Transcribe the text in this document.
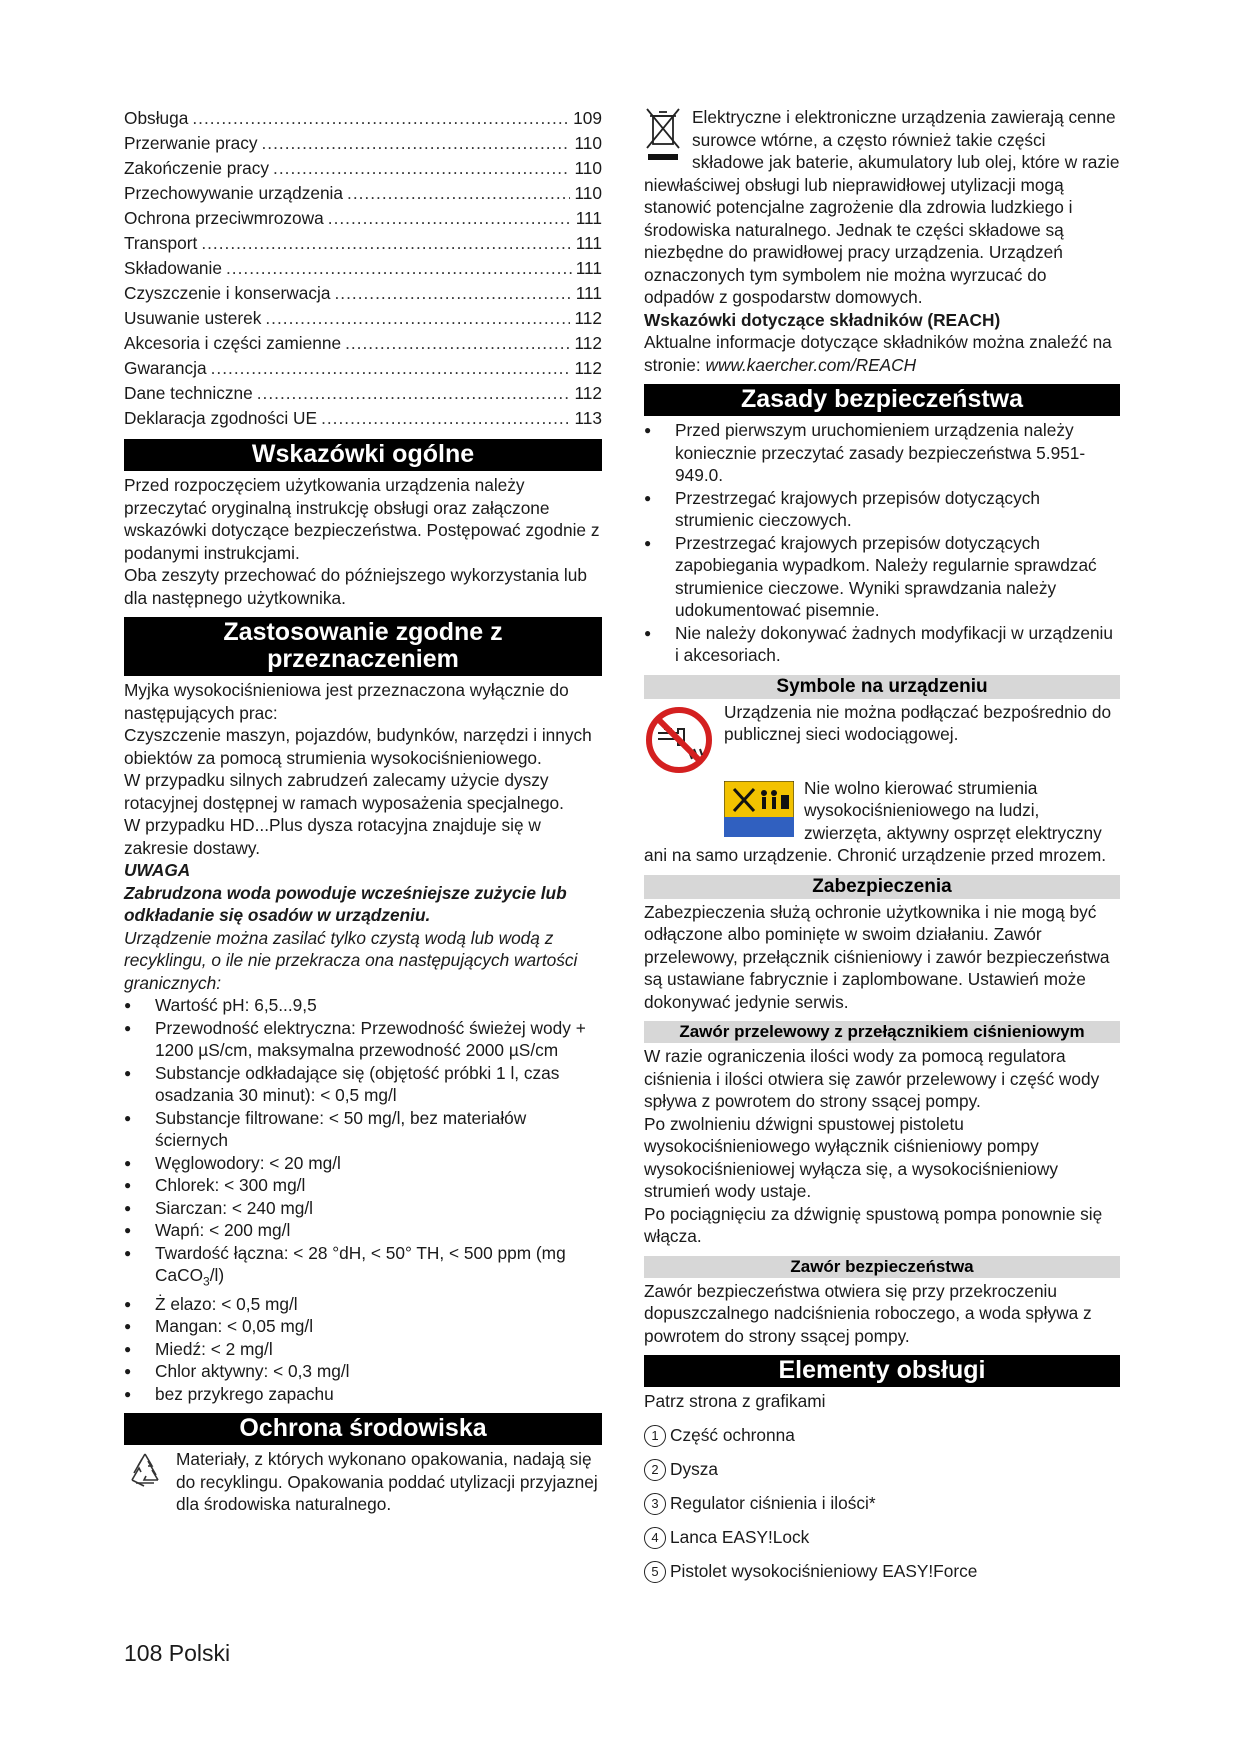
Obsługa .....	109
Przerwanie pracy .....	110
Zakończenie pracy .....	110
Przechowywanie urządzenia .....	110
Ochrona przeciwmrozowa .....	111
Transport .....	111
Składowanie .....	111
Czyszczenie i konserwacja .....	111
Usuwanie usterek .....	112
Akcesoria i części zamienne .....	112
Gwarancja .....	112
Dane techniczne .....	112
Deklaracja zgodności UE .....	113
Wskazówki ogólne

Przed rozpoczęciem użytkowania urządzenia należy przeczytać oryginalną instrukcję obsługi oraz załączone wskazówki dotyczące bezpieczeństwa. Postępować zgodnie z podanymi instrukcjami.

Oba zeszyty przechować do późniejszego wykorzystania lub dla następnego użytkownika.

Zastosowanie zgodne z
przeznaczeniem

Myjka wysokociśnieniowa jest przeznaczona wyłącznie do następujących prac:

Czyszczenie maszyn, pojazdów, budynków, narzędzi i innych obiektów za pomocą strumienia wysokociśnieniowego.

W przypadku silnych zabrudzeń zalecamy użycie dyszy rotacyjnej dostępnej w ramach wyposażenia specjalnego.

W przypadku HD...Plus dysza rotacyjna znajduje się w zakresie dostawy.

UWAGA

Zabrudzona woda powoduje wcześniejsze zużycie lub odkładanie się osadów w urządzeniu.

Urządzenie można zasilać tylko czystą wodą lub wodą z recyklingu, o ile nie przekracza ona następujących wartości granicznych:

● Wartość pH: 6,5...9,5
● Przewodność elektryczna: Przewodność świeżej wody + 1200 µS/cm, maksymalna przewodność 2000 µS/cm
● Substancje odkładające się (objętość próbki 1 l, czas osadzania 30 minut): < 0,5 mg/l
● Substancje filtrowane: < 50 mg/l, bez materiałów ściernych
● Węglowodory: < 20 mg/l
● Chlorek: < 300 mg/l
● Siarczan: < 240 mg/l
● Wapń: < 200 mg/l
● Twardość łączna: < 28 °dH, < 50° TH, < 500 ppm (mg CaCO$_3$/l)
● Ż elazo: < 0,5 mg/l
● Mangan: < 0,05 mg/l
● Miedź: < 2 mg/l
● Chlor aktywny: < 0,3 mg/l
● bez przykrego zapachu
Ochrona środowiska

Materiały, z których wykonano opakowania, nadają się do recyklingu. Opakowania poddać utylizacji przyjaznej dla środowiska naturalnego.

Elektryczne i elektroniczne urządzenia zawierają cenne surowce wtórne, a często również takie części składowe jak baterie, akumulatory lub olej, które w razie niewłaściwej obsługi lub nieprawidłowej utylizacji mogą stanowić potencjalne zagrożenie dla zdrowia ludzkiego i środowiska naturalnego. Jednak te części składowe są niezbędne do prawidłowej pracy urządzenia. Urządzeń oznaczonych tym symbolem nie można wyrzucać do odpadów z gospodarstw domowych.

Wskazówki dotyczące składników (REACH)

Aktualne informacje dotyczące składników można znaleźć na stronie: www.kaercher.com/REACH

Zasady bezpieczeństwa
● Przed pierwszym uruchomieniem urządzenia należy koniecznie przeczytać zasady bezpieczeństwa 5.951-949.0.
● Przestrzegać krajowych przepisów dotyczących strumienic cieczowych.
● Przestrzegać krajowych przepisów dotyczących zapobiegania wypadkom. Należy regularnie sprawdzać strumienice cieczowe. Wyniki sprawdzania należy udokumentować pisemnie.
● Nie należy dokonywać żadnych modyfikacji w urządzeniu i akcesoriach.
Symbole na urządzeniu

Urządzenia nie można podłączać bezpośrednio do publicznej sieci wodociągowej.

Protect from frost!
Vor Frost schützen!

Nie wolno kierować strumienia wysokociśnieniowego na ludzi, zwierzęta, aktywny osprzęt elektryczny ani na samo urządzenie. Chronić urządzenie przed mrozem.

Zabezpieczenia

Zabezpieczenia służą ochronie użytkownika i nie mogą być odłączone albo pominięte w swoim działaniu. Zawór przelewowy, przełącznik ciśnieniowy i zawór bezpieczeństwa są ustawiane fabrycznie i zaplombowane. Ustawień może dokonywać jedynie serwis.

Zawór przelewowy z przełącznikiem ciśnieniowym

W razie ograniczenia ilości wody za pomocą regulatora ciśnienia i ilości otwiera się zawór przelewowy i część wody spływa z powrotem do strony ssącej pompy.

Po zwolnieniu dźwigni spustowej pistoletu wysokociśnieniowego wyłącznik ciśnieniowy pompy wysokociśnieniowej wyłącza się, a wysokociśnieniowy strumień wody ustaje.

Po pociągnięciu za dźwignię spustową pompa ponownie się włącza.

Zawór bezpieczeństwa

Zawór bezpieczeństwa otwiera się przy przekroczeniu dopuszczalnego nadciśnienia roboczego, a woda spływa z powrotem do strony ssącej pompy.

Elementy obsługi

Patrz strona z grafikami

1 Część ochronna
2 Dysza
3 Regulator ciśnienia i ilości*
4 Lanca EASY!Lock
5 Pistolet wysokociśnieniowy EASY!Force
108 Polski
